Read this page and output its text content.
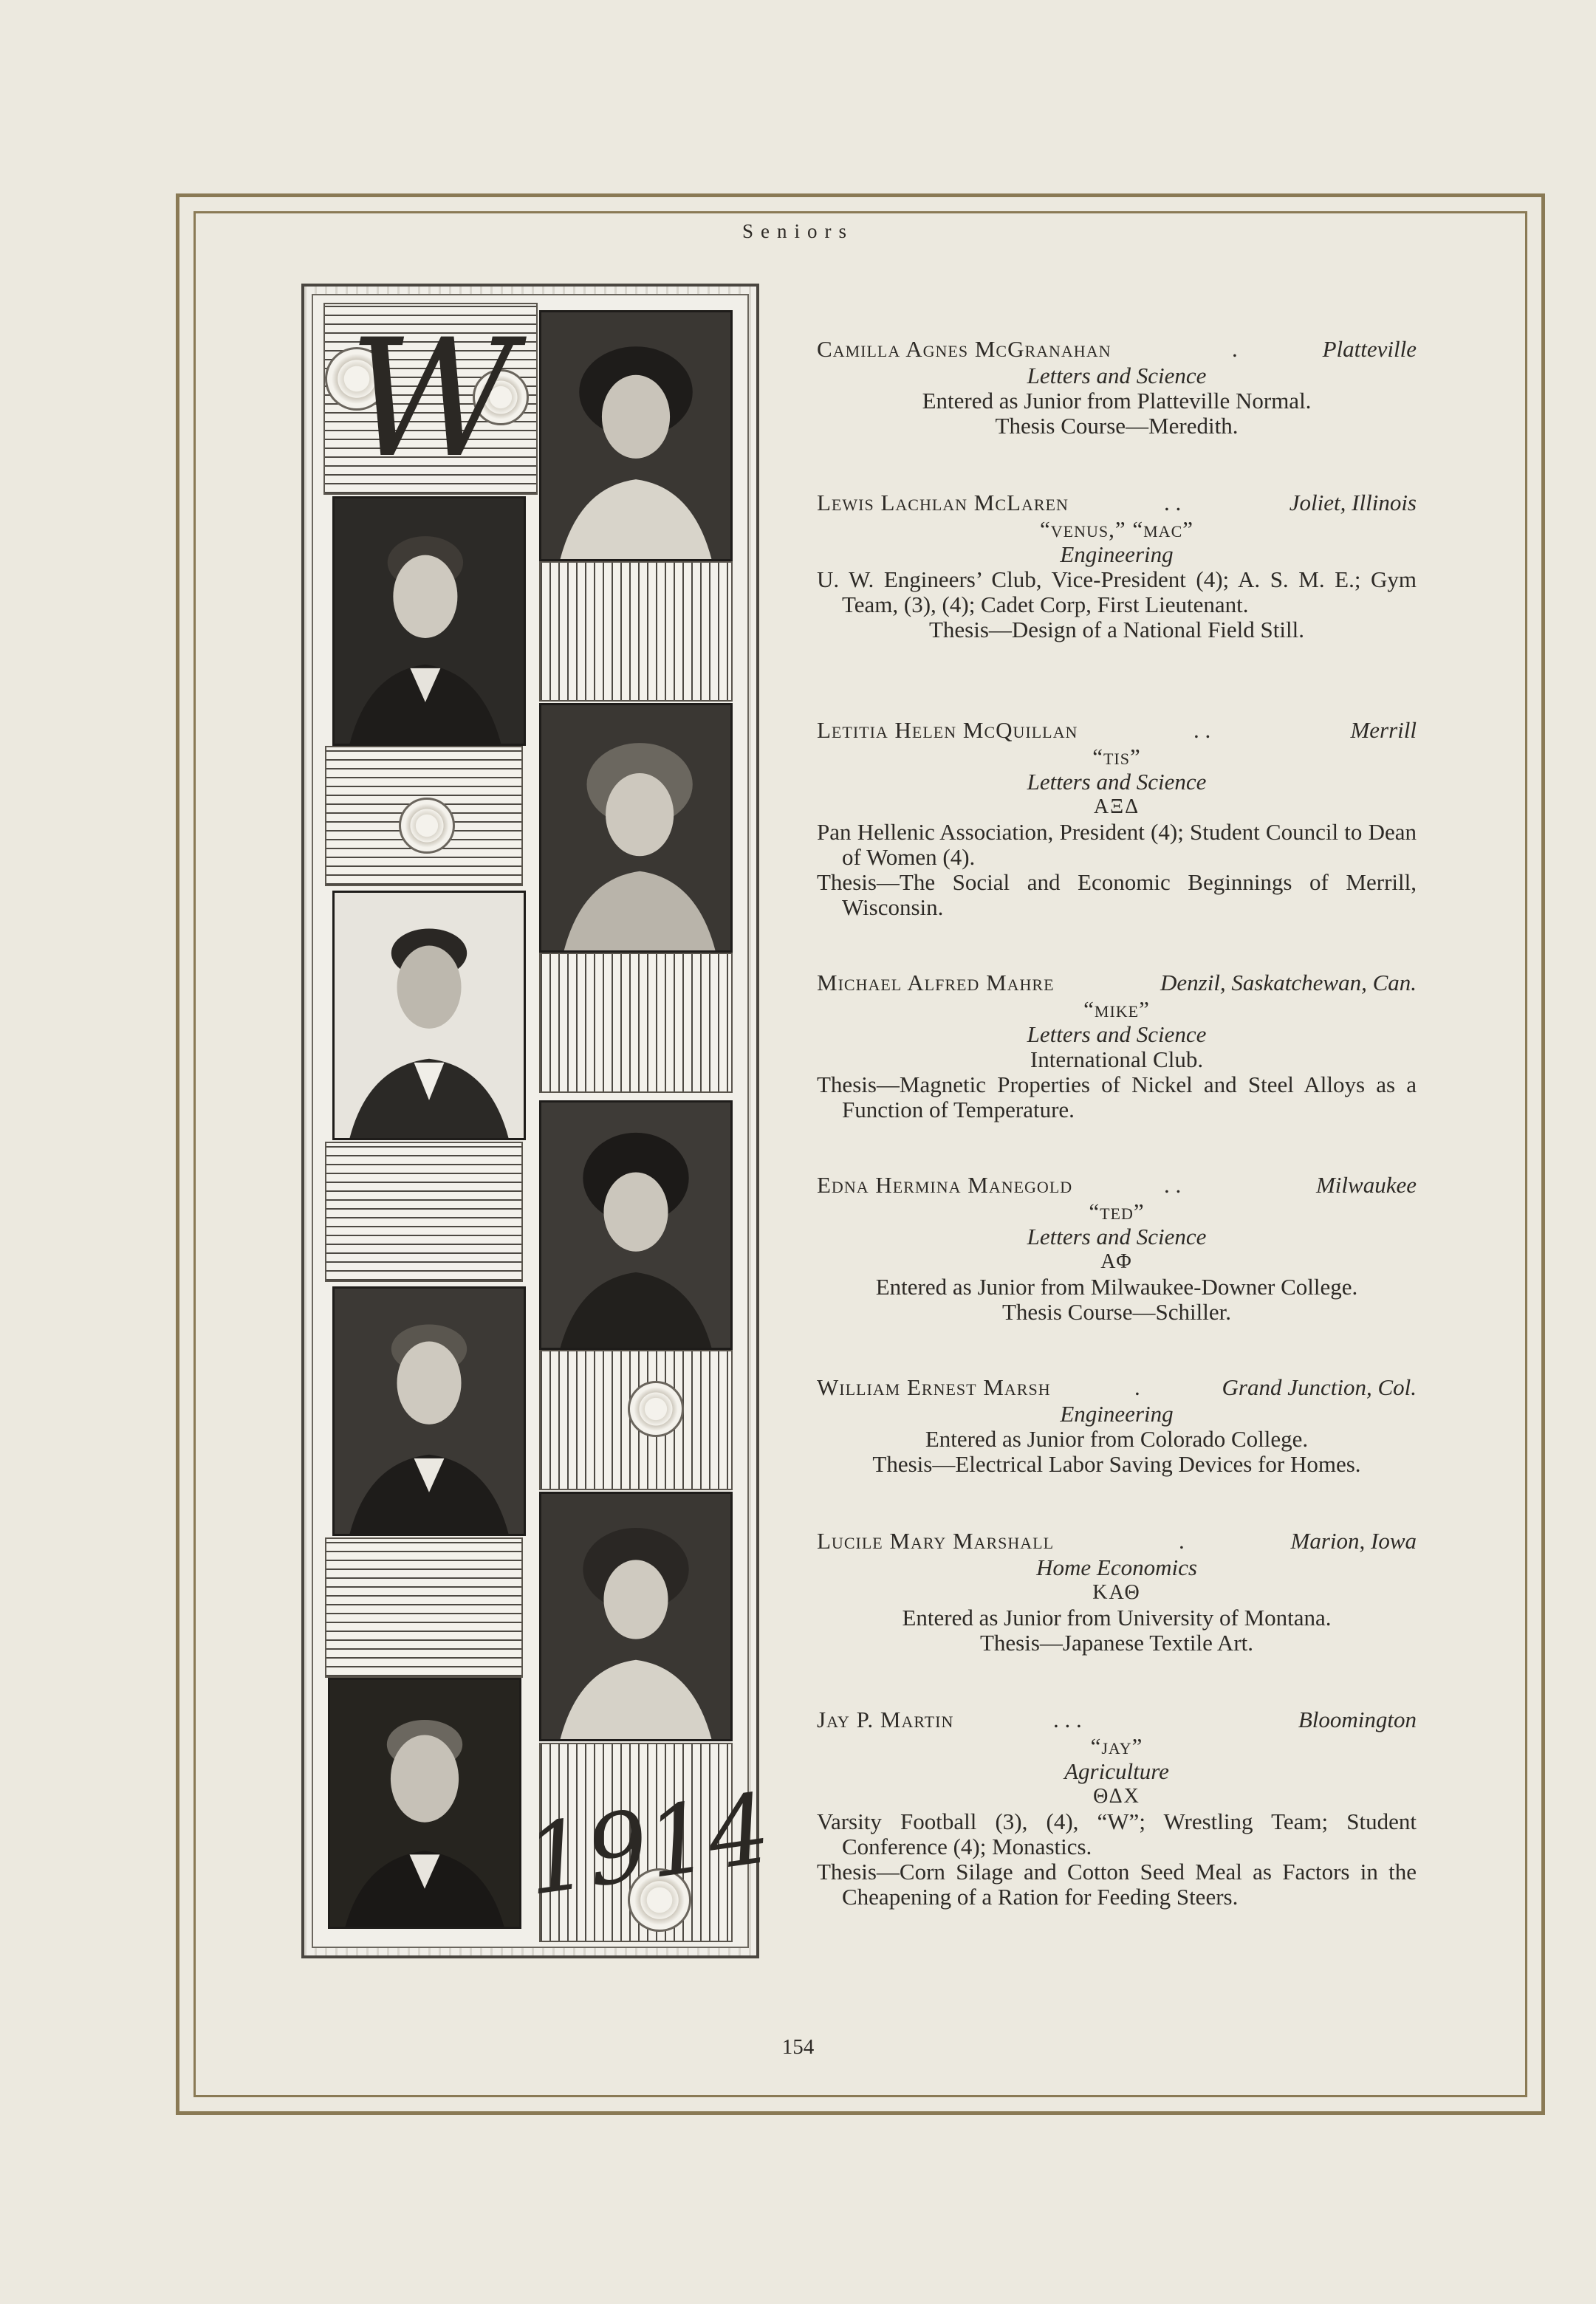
Seniors
W
1914
Camilla Agnes McGranahan	.	Platteville
Letters and Science
Entered as Junior from Platteville Normal.
Thesis Course—Meredith.
Lewis Lachlan McLaren	. .	Joliet, Illinois
“venus,” “mac”
Engineering
U. W. Engineers’ Club, Vice-President (4); A. S. M. E.; Gym Team, (3), (4); Cadet Corp, First Lieutenant.
Thesis—Design of a National Field Still.
Letitia Helen McQuillan	. .	Merrill
“tis”
Letters and Science
ΑΞΔ
Pan Hellenic Association, President (4); Student Council to Dean of Women (4).
Thesis—The Social and Economic Beginnings of Merrill, Wisconsin.
Michael Alfred Mahre	Denzil, Saskatchewan, Can.
“mike”
Letters and Science
International Club.
Thesis—Magnetic Properties of Nickel and Steel Alloys as a Function of Temperature.
Edna Hermina Manegold	. .	Milwaukee
“ted”
Letters and Science
ΑΦ
Entered as Junior from Milwaukee-Downer College.
Thesis Course—Schiller.
William Ernest Marsh	.	Grand Junction, Col.
Engineering
Entered as Junior from Colorado College.
Thesis—Electrical Labor Saving Devices for Homes.
Lucile Mary Marshall	.	Marion, Iowa
Home Economics
ΚΑΘ
Entered as Junior from University of Montana.
Thesis—Japanese Textile Art.
Jay P. Martin	. . .	Bloomington
“jay”
Agriculture
ΘΔΧ
Varsity Football (3), (4), “W”; Wrestling Team; Student Conference (4); Monastics.
Thesis—Corn Silage and Cotton Seed Meal as Factors in the Cheapening of a Ration for Feeding Steers.
154
